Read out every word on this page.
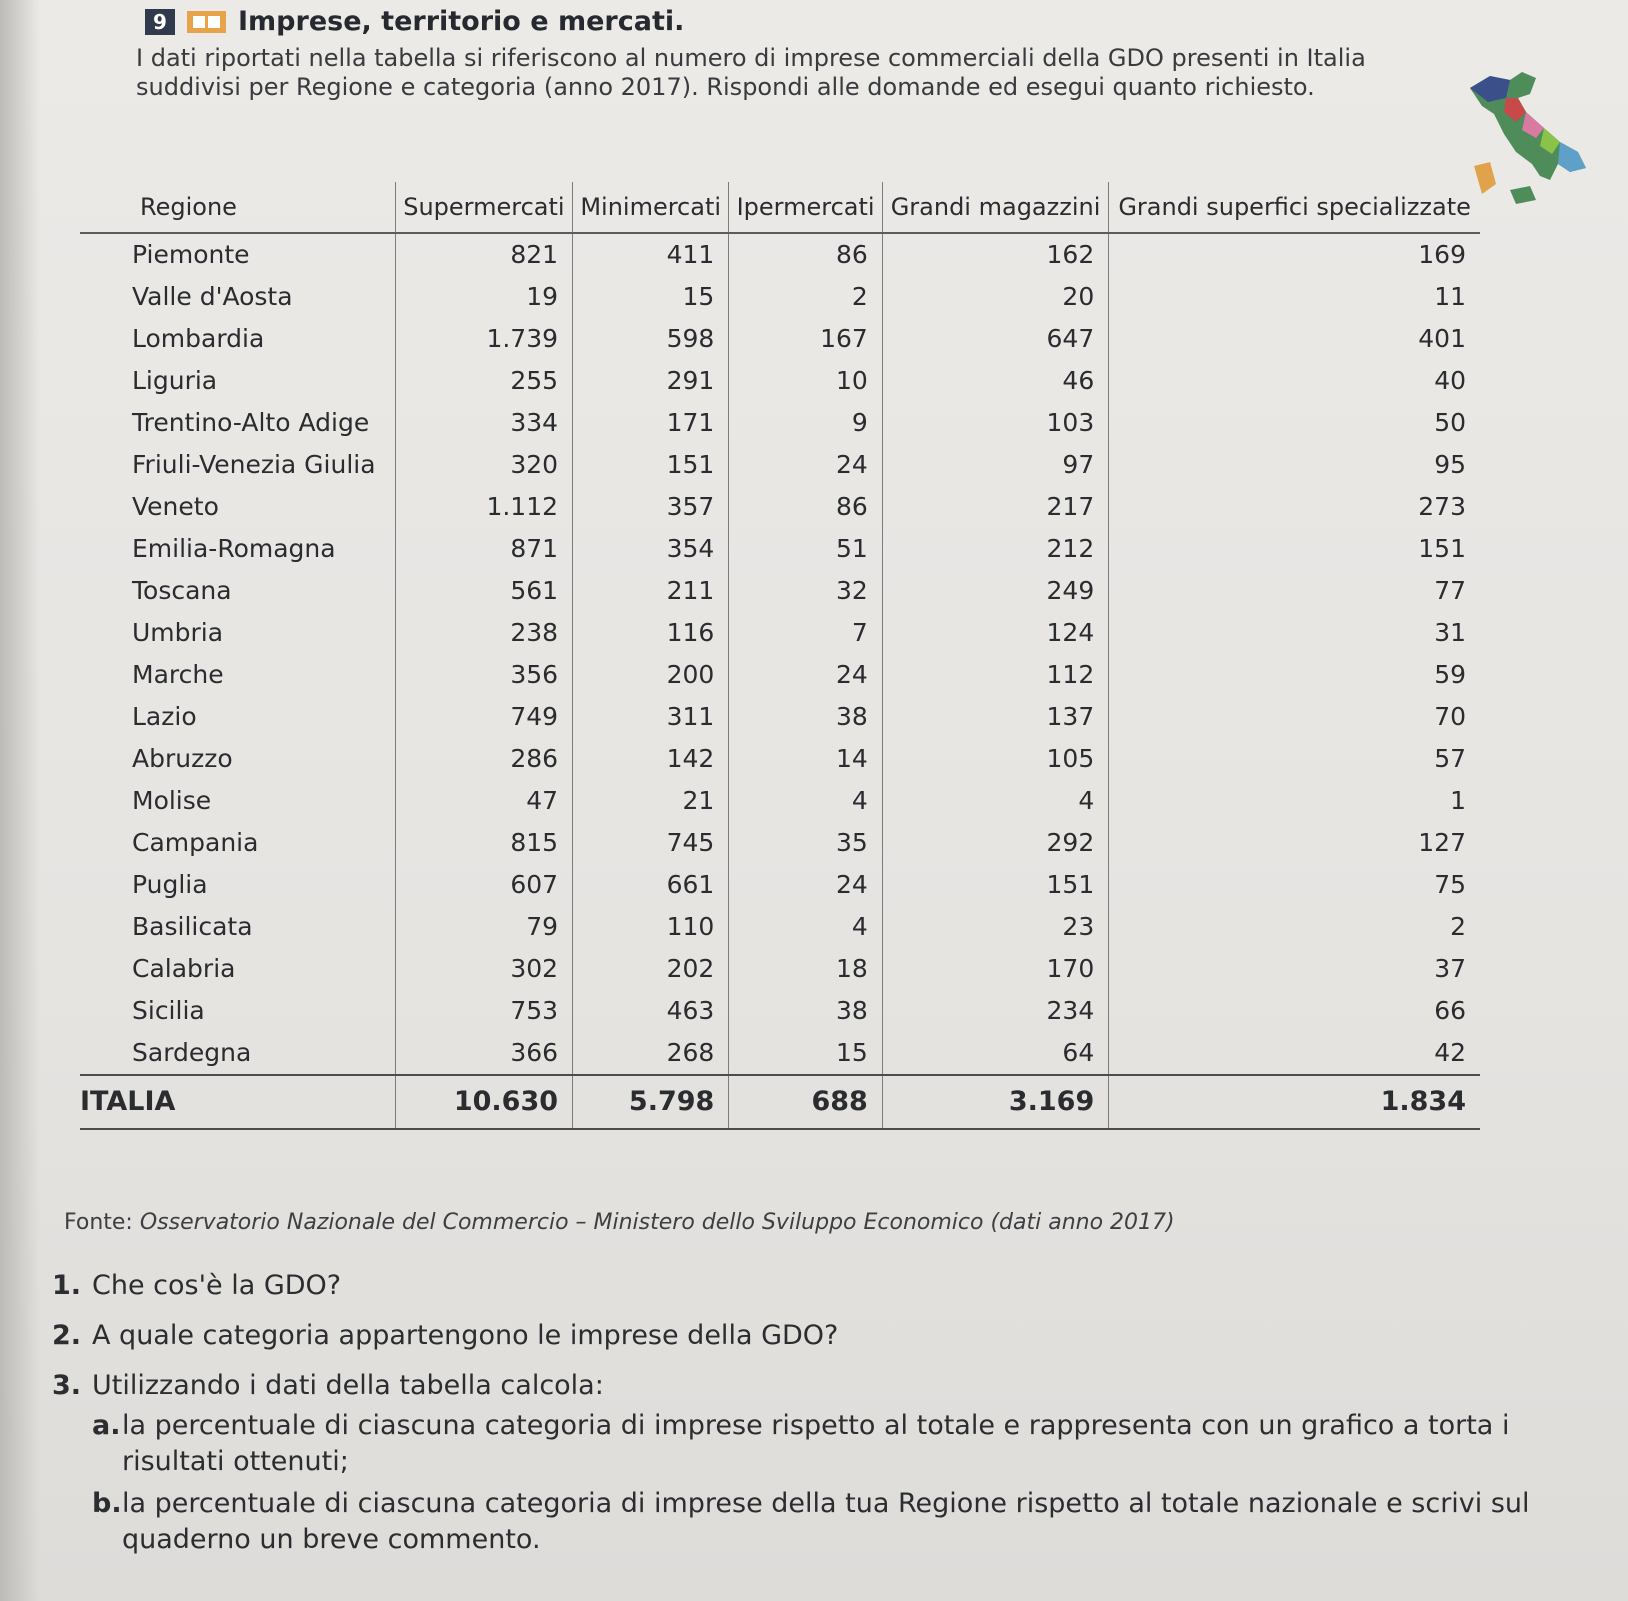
9	Imprese, territorio e mercati.
I dati riportati nella tabella si riferiscono al numero di imprese commerciali della GDO presenti in Italia suddivisi per Regione e categoria (anno 2017). Rispondi alle domande ed esegui quanto richiesto.
Regione	Supermercati	Minimercati	Ipermercati	Grandi magazzini	Grandi superfici specializzate
Piemonte	821	411	86	162	169
Valle d'Aosta	19	15	2	20	11
Lombardia	1.739	598	167	647	401
Liguria	255	291	10	46	40
Trentino-Alto Adige	334	171	9	103	50
Friuli-Venezia Giulia	320	151	24	97	95
Veneto	1.112	357	86	217	273
Emilia-Romagna	871	354	51	212	151
Toscana	561	211	32	249	77
Umbria	238	116	7	124	31
Marche	356	200	24	112	59
Lazio	749	311	38	137	70
Abruzzo	286	142	14	105	57
Molise	47	21	4	4	1
Campania	815	745	35	292	127
Puglia	607	661	24	151	75
Basilicata	79	110	4	23	2
Calabria	302	202	18	170	37
Sicilia	753	463	38	234	66
Sardegna	366	268	15	64	42
ITALIA	10.630	5.798	688	3.169	1.834
Fonte: Osservatorio Nazionale del Commercio – Ministero dello Sviluppo Economico (dati anno 2017)
1. Che cos'è la GDO?
2. A quale categoria appartengono le imprese della GDO?
3. Utilizzando i dati della tabella calcola:
a. la percentuale di ciascuna categoria di imprese rispetto al totale e rappresenta con un grafico a torta i risultati ottenuti;
b. la percentuale di ciascuna categoria di imprese della tua Regione rispetto al totale nazionale e scrivi sul quaderno un breve commento.
